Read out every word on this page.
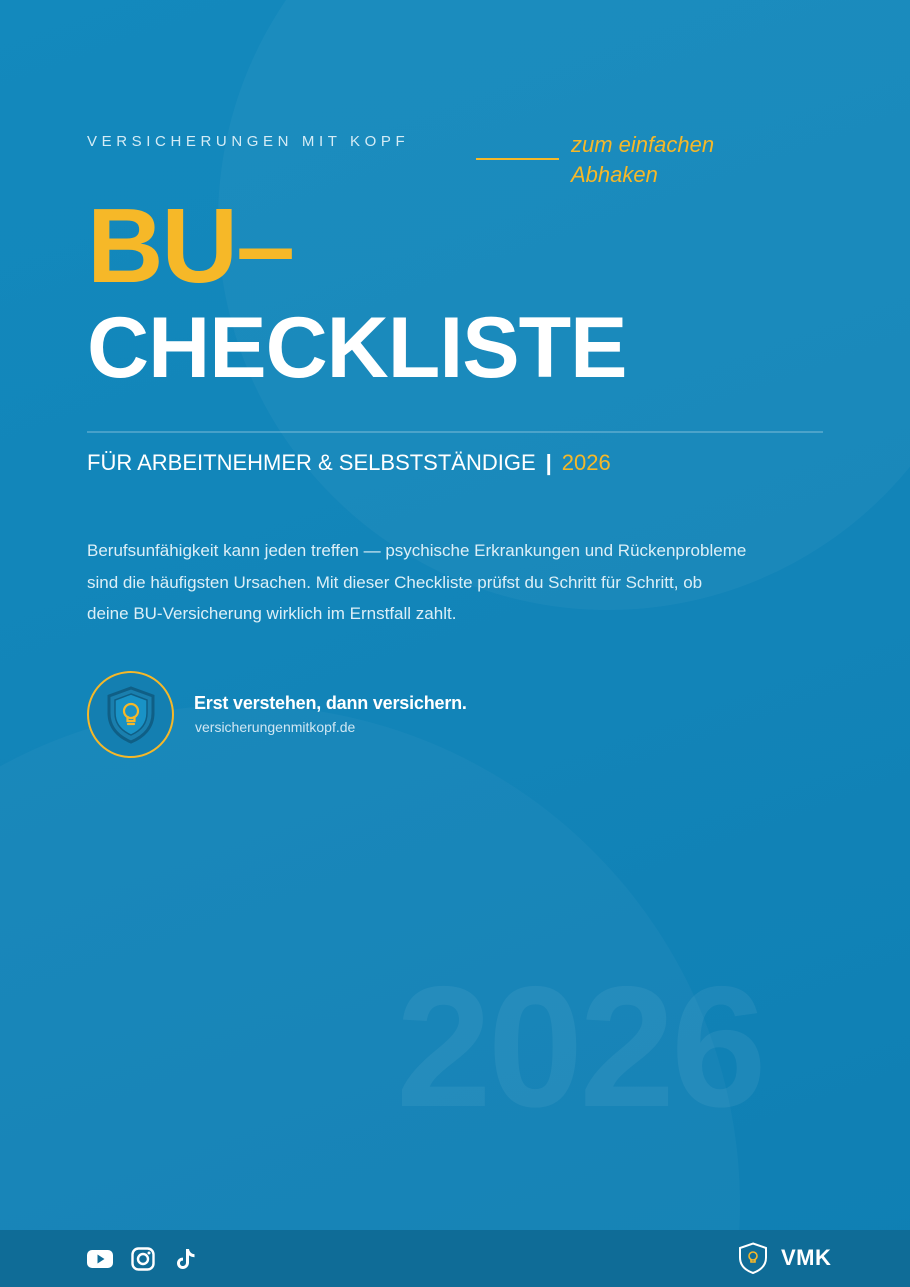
VERSICHERUNGEN MIT KOPF	zum einfachen Abhaken
BU–
CHECKLISTE
FÜR ARBEITNEHMER & SELBSTSTÄNDIGE | 2026

Berufsunfähigkeit kann jeden treffen — psychische Erkrankungen und Rückenprobleme sind die häufigsten Ursachen. Mit dieser Checkliste prüfst du Schritt für Schritt, ob deine BU-Versicherung wirklich im Ernstfall zahlt.

Erst verstehen, dann versichern.
versicherungenmitkopf.de
2026
VMK
